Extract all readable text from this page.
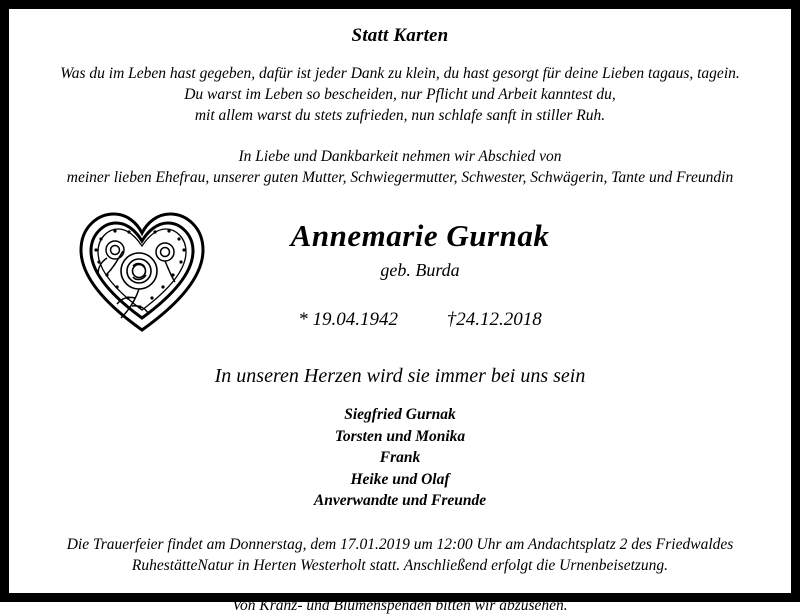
Statt Karten
Was du im Leben hast gegeben, dafür ist jeder Dank zu klein, du hast gesorgt für deine Lieben tagaus, tagein.
Du warst im Leben so bescheiden, nur Pflicht und Arbeit kanntest du,
mit allem warst du stets zufrieden, nun schlafe sanft in stiller Ruh.
In Liebe und Dankbarkeit nehmen wir Abschied von
meiner lieben Ehefrau, unserer guten Mutter, Schwiegermutter, Schwester, Schwägerin, Tante und Freundin
Annemarie Gurnak
geb. Burda
* 19.04.1942	†24.12.2018
In unseren Herzen wird sie immer bei uns sein
Siegfried Gurnak
Torsten und Monika
Frank
Heike und Olaf
Anverwandte und Freunde
Die Trauerfeier findet am Donnerstag, dem 17.01.2019 um 12:00 Uhr am Andachtsplatz 2 des Friedwaldes
RuhestätteNatur in Herten Westerholt statt. Anschließend erfolgt die Urnenbeisetzung.
Von Kranz- und Blumenspenden bitten wir abzusehen.
